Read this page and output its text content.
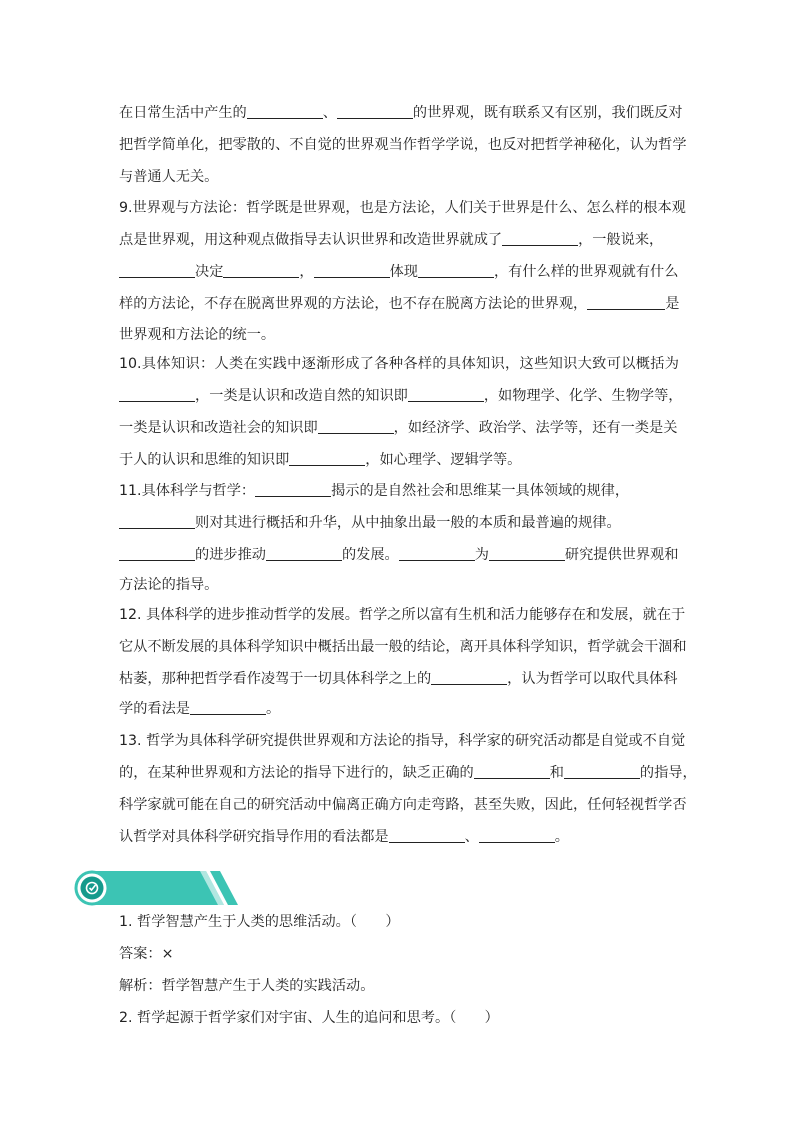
在日常生活中产生的	、	的世界观，既有联系又有区别，我们既反对
把哲学简单化，把零散的、不自觉的世界观当作哲学学说，也反对把哲学神秘化，认为哲学
与普通人无关。
9.世界观与方法论：哲学既是世界观，也是方法论，人们关于世界是什么、怎么样的根本观
点是世界观，用这种观点做指导去认识世界和改造世界就成了	，一般说来，
决定	，	体现	，有什么样的世界观就有什么
样的方法论，不存在脱离世界观的方法论，也不存在脱离方法论的世界观，	是
世界观和方法论的统一。
10.具体知识：人类在实践中逐渐形成了各种各样的具体知识，这些知识大致可以概括为
，一类是认识和改造自然的知识即	，如物理学、化学、生物学等，
一类是认识和改造社会的知识即	，如经济学、政治学、法学等，还有一类是关
于人的认识和思维的知识即	，如心理学、逻辑学等。
11.具体科学与哲学：	揭示的是自然社会和思维某一具体领域的规律，
则对其进行概括和升华，从中抽象出最一般的本质和最普遍的规律。
的进步推动	的发展。	为	研究提供世界观和
方法论的指导。
12. 具体科学的进步推动哲学的发展。哲学之所以富有生机和活力能够存在和发展，就在于
它从不断发展的具体科学知识中概括出最一般的结论，离开具体科学知识，哲学就会干涸和
枯萎，那种把哲学看作凌驾于一切具体科学之上的	，认为哲学可以取代具体科
学的看法是	。
13. 哲学为具体科学研究提供世界观和方法论的指导，科学家的研究活动都是自觉或不自觉
的，在某种世界观和方法论的指导下进行的，缺乏正确的	和	的指导，
科学家就可能在自己的研究活动中偏离正确方向走弯路，甚至失败，因此，任何轻视哲学否
认哲学对具体科学研究指导作用的看法都是	、	。
1. 哲学智慧产生于人类的思维活动。（　　）
答案：×
解析：哲学智慧产生于人类的实践活动。
2. 哲学起源于哲学家们对宇宙、人生的追问和思考。（　　）
